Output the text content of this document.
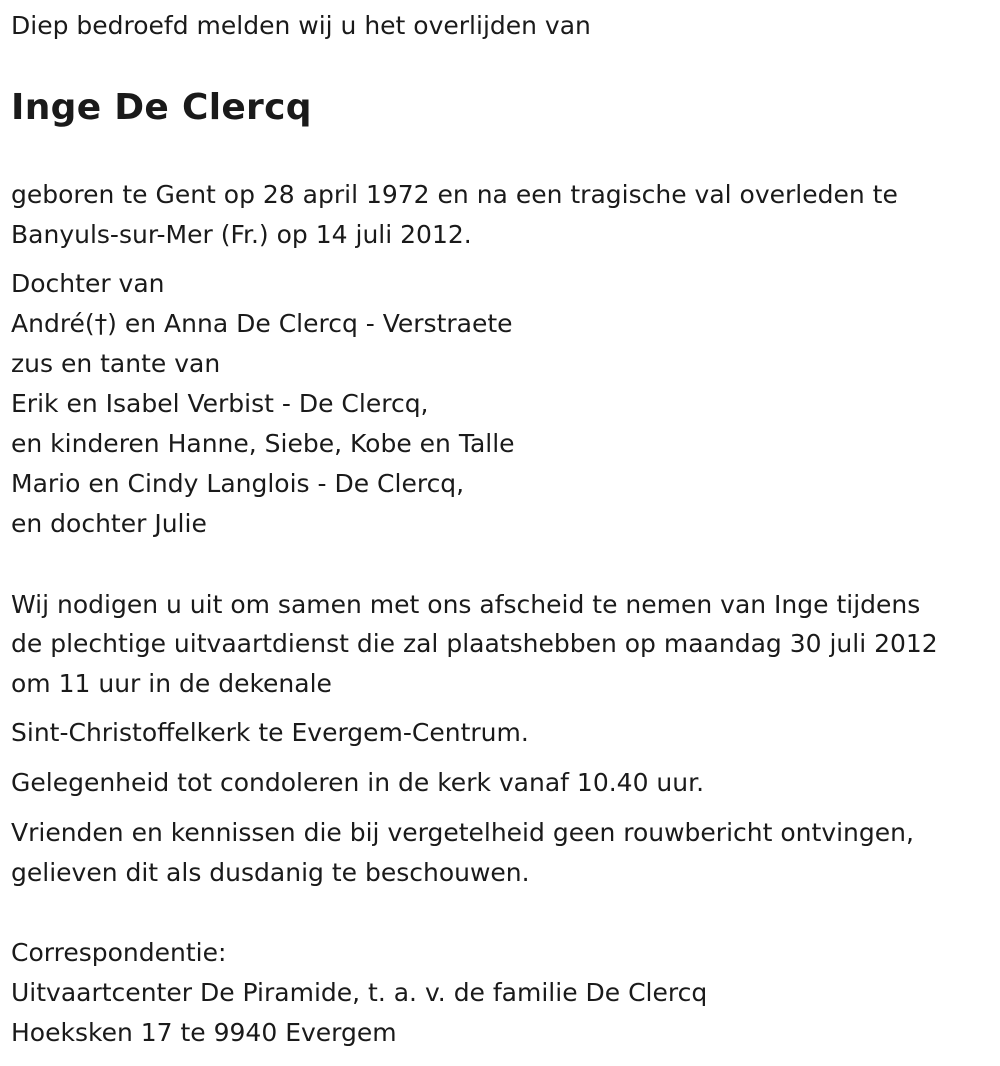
Diep bedroefd melden wij u het overlijden van
Inge De Clercq
geboren te Gent op 28 april 1972 en na een tragische val overleden te
Banyuls-sur-Mer (Fr.) op 14 juli 2012.
Dochter van
André(†) en Anna De Clercq - Verstraete
zus en tante van
Erik en Isabel Verbist - De Clercq,
en kinderen Hanne, Siebe, Kobe en Talle
Mario en Cindy Langlois - De Clercq,
en dochter Julie
Wij nodigen u uit om samen met ons afscheid te nemen van Inge tijdens
de plechtige uitvaartdienst die zal plaatshebben op maandag 30 juli 2012
om 11 uur in de dekenale
Sint-Christoffelkerk te Evergem-Centrum.
Gelegenheid tot condoleren in de kerk vanaf 10.40 uur.
Vrienden en kennissen die bij vergetelheid geen rouwbericht ontvingen,
gelieven dit als dusdanig te beschouwen.
Correspondentie:
Uitvaartcenter De Piramide, t. a. v. de familie De Clercq
Hoeksken 17 te 9940 Evergem
